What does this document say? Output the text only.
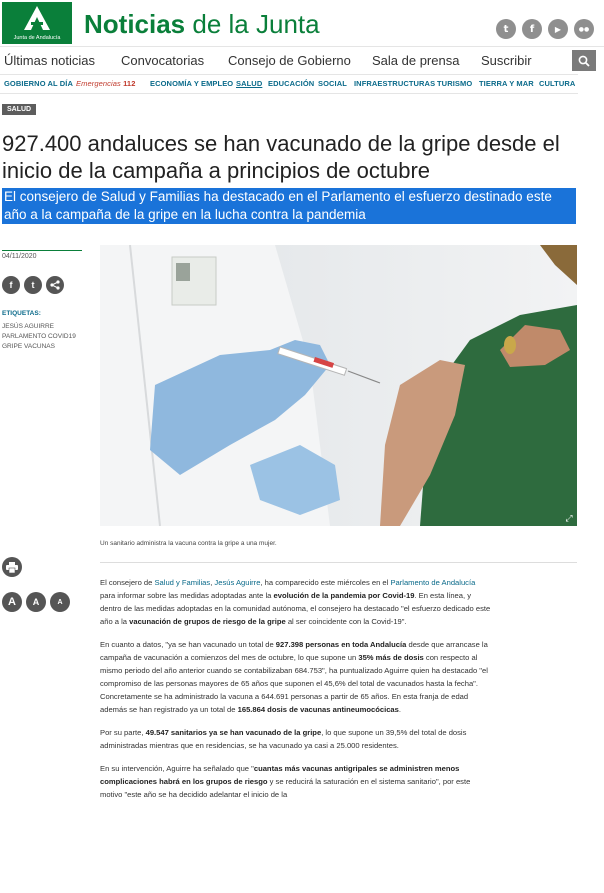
Junta de Andalucía Noticias de la Junta	t	f	▶	●●
Últimas noticias Convocatorias Consejo de Gobierno Sala de prensa Suscribir
GOBIERNO AL DÍA Emergencias 112 ECONOMÍA Y EMPLEO SALUD EDUCACIÓN SOCIAL INFRAESTRUCTURAS TURISMO TIERRA Y MAR CULTURA
SALUD
927.400 andaluces se han vacunado de la gripe desde el inicio de la campaña a principios de octubre
El consejero de Salud y Familias ha destacado en el Parlamento el esfuerzo destinado este año a la campaña de la gripe en la lucha contra la pandemia
04/11/2020
f	t
ETIQUETAS:
JESÚS AGUIRRE
PARLAMENTO COVID19
GRIPE VACUNAS
⤢
Un sanitario administra la vacuna contra la gripe a una mujer.
A	A	A

El consejero de Salud y Familias, Jesús Aguirre, ha comparecido este miércoles en el Parlamento de Andalucía para informar sobre las medidas adoptadas ante la evolución de la pandemia por Covid-19. En esta línea, y dentro de las medidas adoptadas en la comunidad autónoma, el consejero ha destacado "el esfuerzo dedicado este año a la vacunación de grupos de riesgo de la gripe al ser coincidente con la Covid-19".

En cuanto a datos, "ya se han vacunado un total de 927.398 personas en toda Andalucía desde que arrancase la campaña de vacunación a comienzos del mes de octubre, lo que supone un 35% más de dosis con respecto al mismo periodo del año anterior cuando se contabilizaban 684.753", ha puntualizado Aguirre quien ha destacado "el compromiso de las personas mayores de 65 años que suponen el 45,6% del total de vacunados hasta la fecha". Concretamente se ha administrado la vacuna a 644.691 personas a partir de 65 años. En esta franja de edad además se han registrado ya un total de 165.864 dosis de vacunas antineumocócicas.

Por su parte, 49.547 sanitarios ya se han vacunado de la gripe, lo que supone un 39,5% del total de dosis administradas mientras que en residencias, se ha vacunado ya casi a 25.000 residentes.

En su intervención, Aguirre ha señalado que "cuantas más vacunas antigripales se administren menos complicaciones habrá en los grupos de riesgo y se reducirá la saturación en el sistema sanitario", por este motivo "este año se ha decidido adelantar el inicio de la
